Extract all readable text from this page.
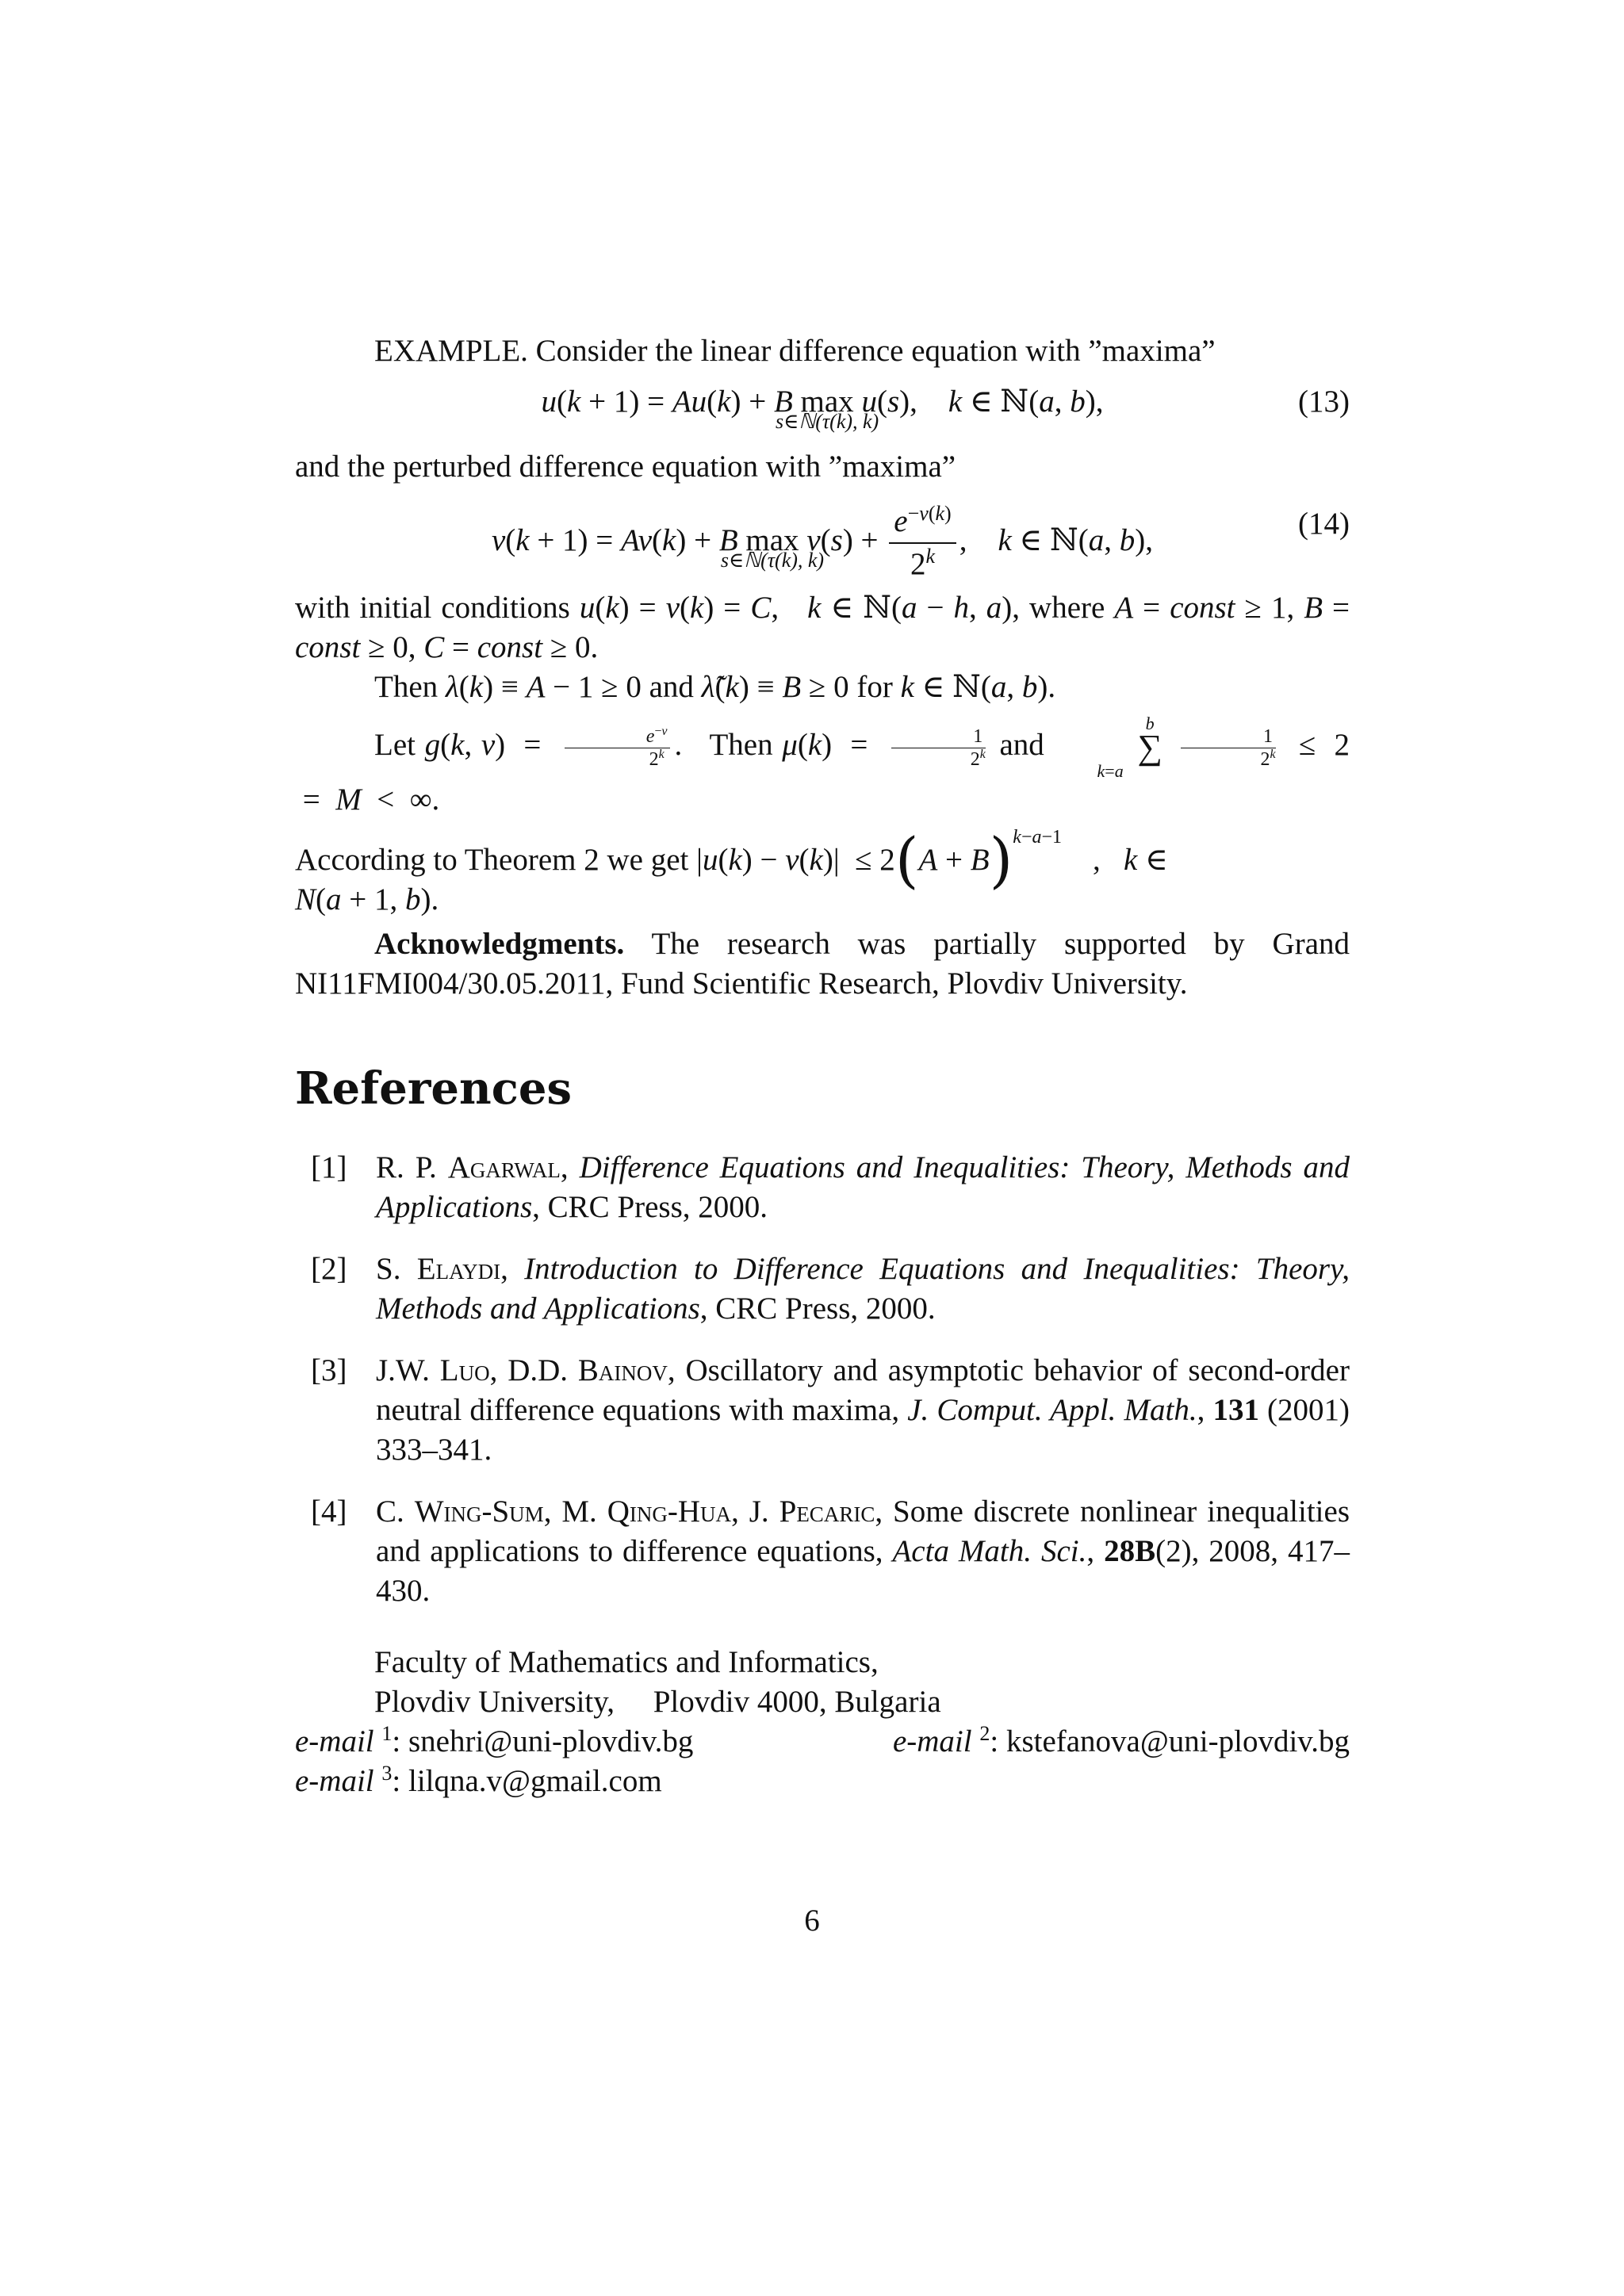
EXAMPLE. Consider the linear difference equation with ”maxima”

u(k + 1) = Au(k) + B max
s∈ℕ(τ(k), k)
u(s),    k ∈ ℕ(a, b),	(13)

and the perturbed difference equation with ”maxima”

v(k + 1) = Av(k) + B max
s∈ℕ(τ(k), k)
$v(s) + \frac{e^{-v(k)}}{2^k}$ ,    k ∈ ℕ(a, b),	(14)

with initial conditions u(k) = v(k) = C,   k ∈ ℕ(a − h, a), where A = const ≥ 1, B = const ≥ 0, C = const ≥ 0.

Then λ(k) ≡ A − 1 ≥ 0 and λ̃(k) ≡ B ≥ 0 for k ∈ ℕ(a, b).

Let g(k, $v) = \frac{e^{-v}}{2^k}$ .   Then $\mu(k) = \frac{1}{2^k}$ and b
∑
k=a
$\frac{1}{2^k} \le 2 = M$  <  ∞.

According to Theorem 2 we get $|u(k) - v(k)| \le 2(A + B)^{k-a-1}$    ,   k ∈
N(a + 1, b).

Acknowledgments. The research was partially supported by Grand NI11FMI004/30.05.2011, Fund Scientific Research, Plovdiv University.

References
[1] R. P. Agarwal, Difference Equations and Inequalities: Theory, Methods and Applications, CRC Press, 2000.
[2] S. Elaydi, Introduction to Difference Equations and Inequalities: Theory, Methods and Applications, CRC Press, 2000.
[3] J.W. Luo, D.D. Bainov, Oscillatory and asymptotic behavior of second-order neutral difference equations with maxima, J. Comput. Appl. Math., 131 (2001) 333–341.
[4] C. Wing-Sum, M. Qing-Hua, J. Pecaric, Some discrete nonlinear inequalities and applications to difference equations, Acta Math. Sci., 28B(2), 2008, 417–430.

Faculty of Mathematics and Informatics,

Plovdiv University,     Plovdiv 4000, Bulgaria

e-mail $^1$: snehri@uni-plovdiv.bg	e-mail $^2$: kstefanova@uni-plovdiv.bg
e-mail $^3$: lilqna.v@gmail.com
6
